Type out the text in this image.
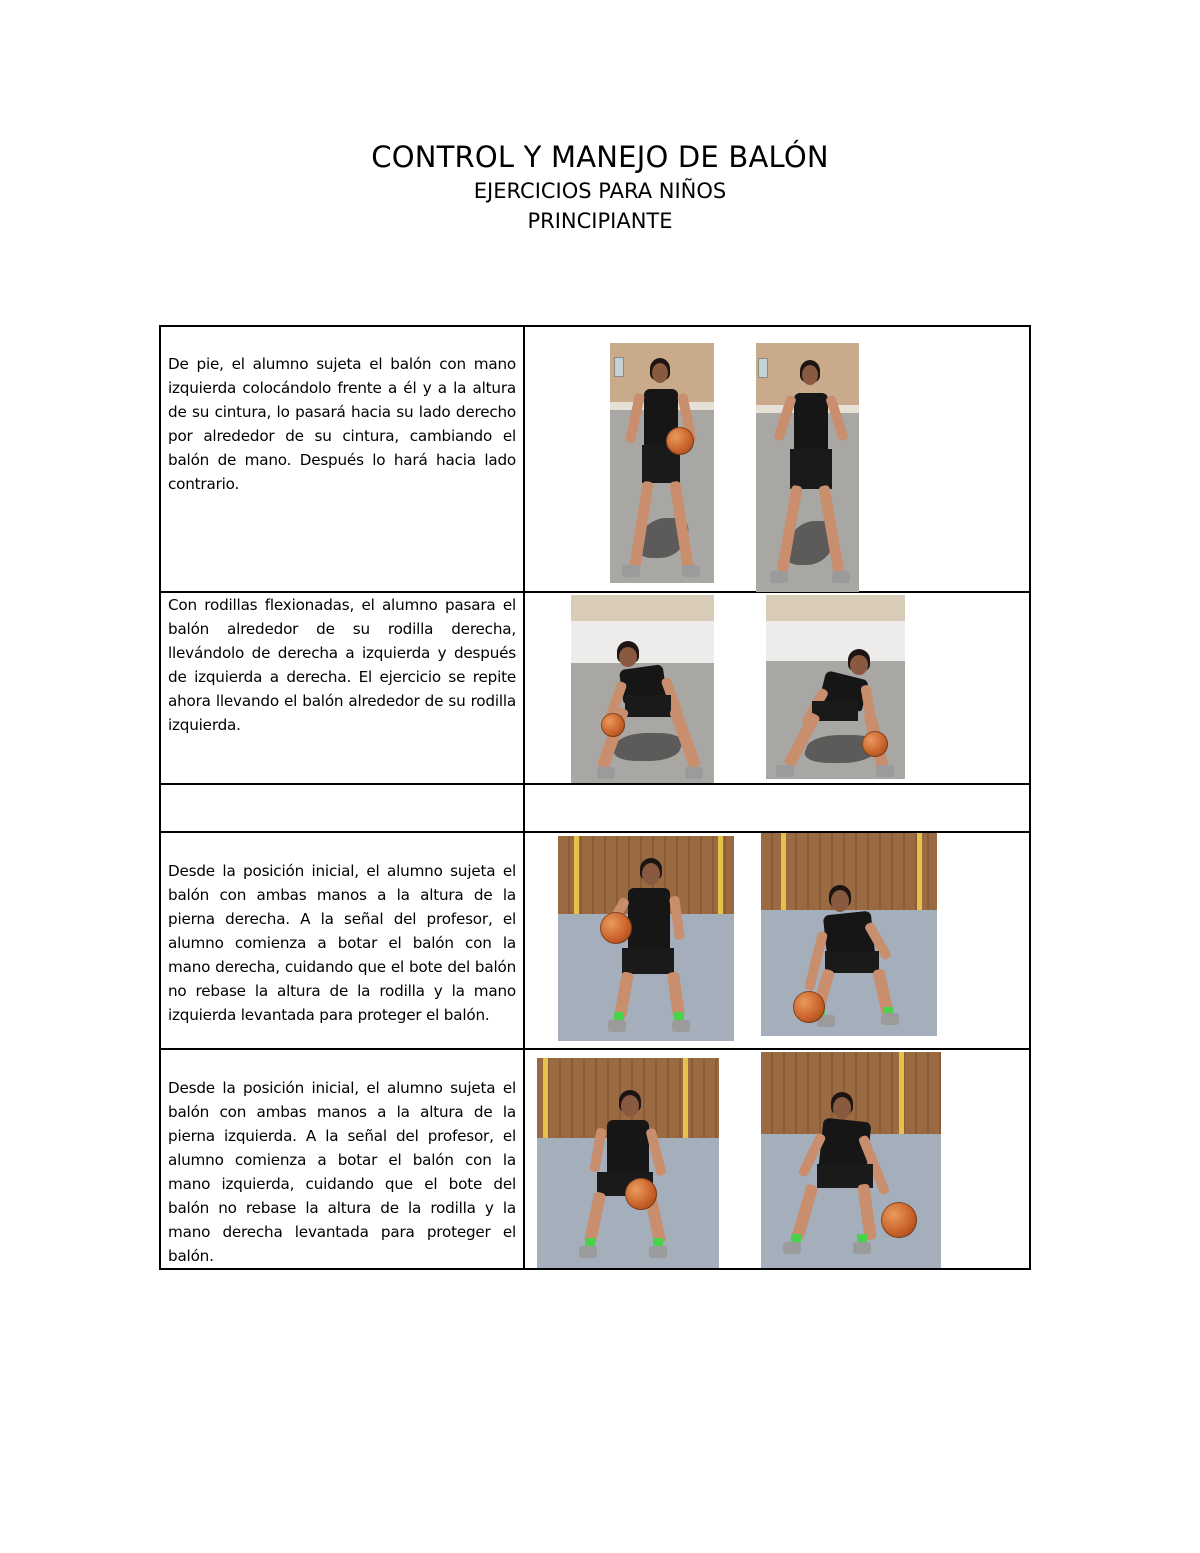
CONTROL Y MANEJO DE BALÓN
EJERCICIOS PARA NIÑOS
PRINCIPIANTE
De pie, el alumno sujeta el balón con mano izquierda colocándolo frente a él y a la altura de su cintura, lo pasará hacia su lado derecho por alrededor de su cintura, cambiando el balón de mano. Después lo hará hacia lado contrario.	

Con rodillas flexionadas, el alumno pasara el balón alrededor de su rodilla derecha, llevándolo de derecha a izquierda y después de izquierda a derecha. El ejercicio se repite ahora llevando el balón alrededor de su rodilla izquierda.	

Desde la posición inicial, el alumno sujeta el balón con ambas manos a la altura de la pierna derecha. A la señal del profesor, el alumno comienza a botar el balón con la mano derecha, cuidando que el bote del balón no rebase la altura de la rodilla y la mano izquierda levantada para proteger el balón.	

Desde la posición inicial, el alumno sujeta el balón con ambas manos a la altura de la pierna izquierda. A la señal del profesor, el alumno comienza a botar el balón con la mano izquierda, cuidando que el bote del balón no rebase la altura de la rodilla y la mano derecha levantada para proteger el balón.	
